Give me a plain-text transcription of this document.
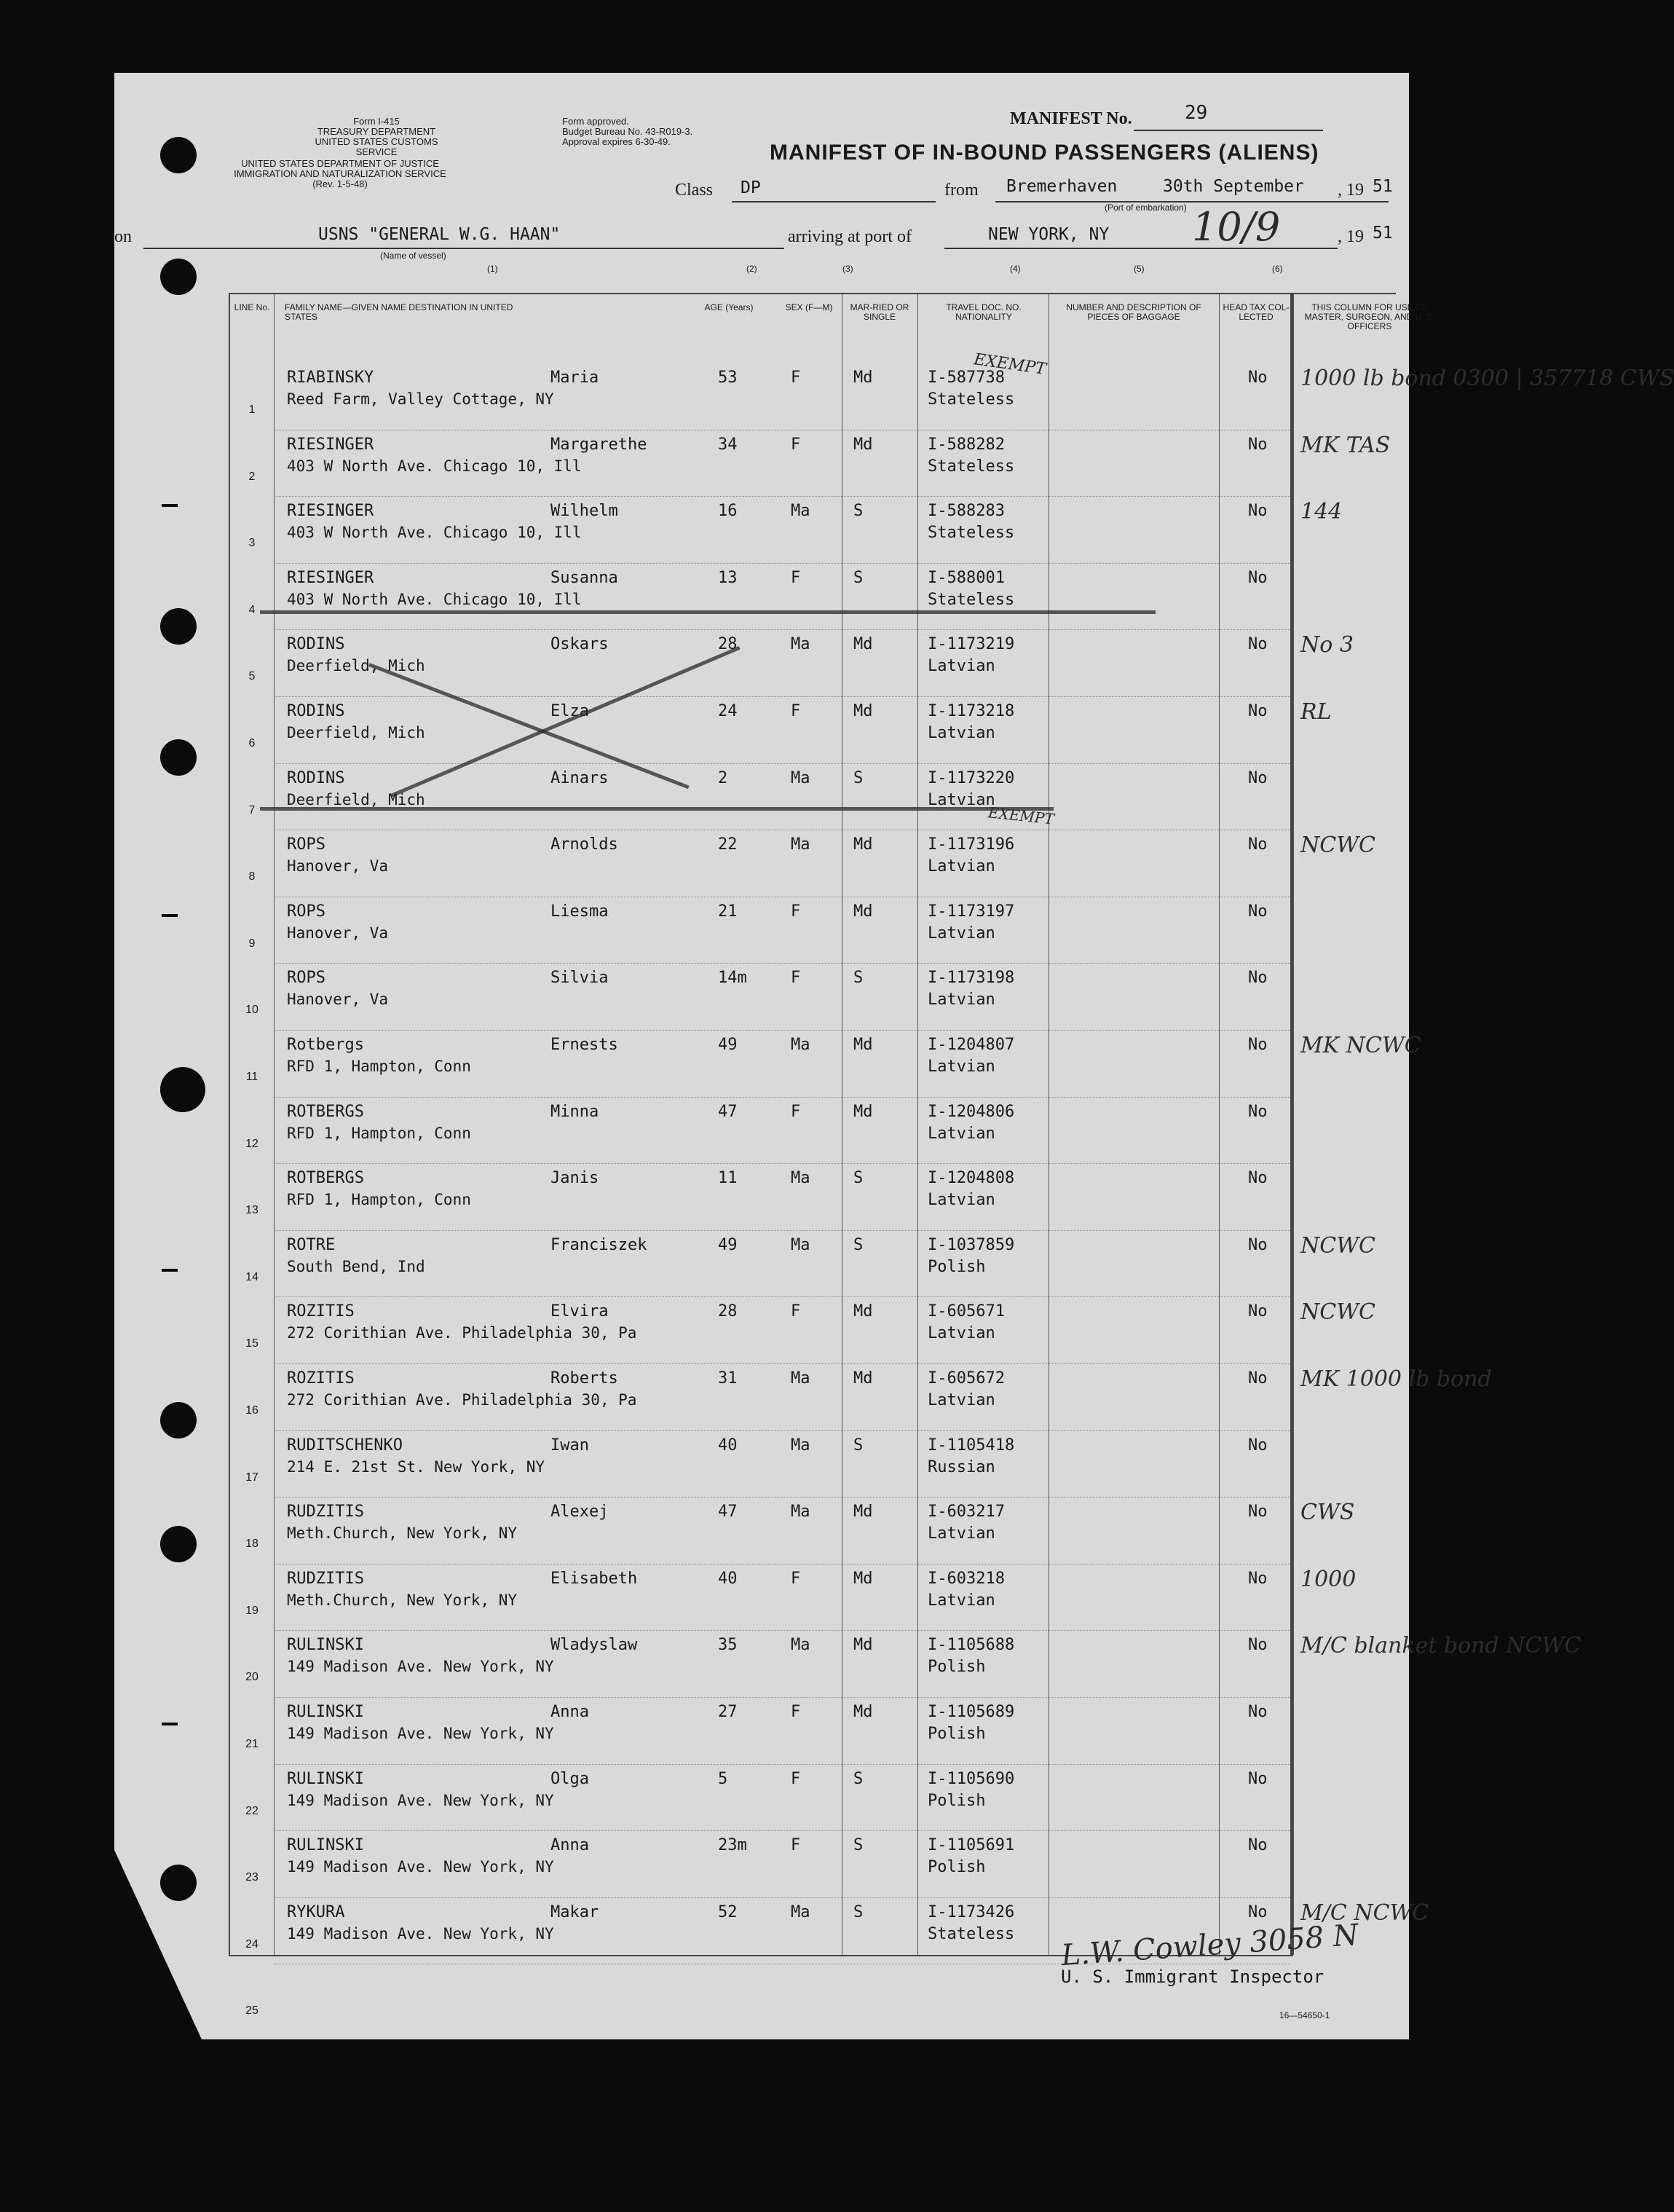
Form I-415
TREASURY DEPARTMENT
UNITED STATES CUSTOMS SERVICE
Form approved.
Budget Bureau No. 43-R019-3.
Approval expires 6-30-49.
UNITED STATES DEPARTMENT OF JUSTICE
IMMIGRATION AND NATURALIZATION SERVICE
(Rev. 1-5-48)
MANIFEST No.	29
MANIFEST OF IN-BOUND PASSENGERS (ALIENS)
Class DP	from Bremerhaven	30th September , 19 51
(Port of embarkation)
on	USNS "GENERAL W.G. HAAN"
(Name of vessel)
arriving at port of	NEW YORK, NY 10/9	, 19 51
(1)	(2)	(3)	(4)	(5)	(6)
LINE No.	FAMILY NAME—GIVEN NAME DESTINATION IN UNITED STATES
AGE (Years)	SEX (F—M)	MAR-RIED OR SINGLE
TRAVEL DOC. NO. NATIONALITY
NUMBER AND DESCRIPTION OF PIECES OF BAGGAGE
HEAD TAX COL-LECTED
THIS COLUMN FOR USE OF MASTER, SURGEON, AND U. S. OFFICERS
1
RIABINSKY	Maria
Reed Farm, Valley Cottage, NY
53	F	Md	I-587738
Stateless
No 1000 lb bond 0300 | 357718 CWS
2
RIESINGER	Margarethe
403 W North Ave. Chicago 10, Ill
34	F	Md	I-588282
Stateless
No MK TAS
3
RIESINGER	Wilhelm
403 W North Ave. Chicago 10, Ill
16	Ma	S	I-588283
Stateless
No 144
4
RIESINGER	Susanna
403 W North Ave. Chicago 10, Ill
13	F	S	I-588001
Stateless
No
5
RODINS	Oskars
Deerfield, Mich
28	Ma	Md	I-1173219
Latvian
No No 3
6
RODINS	Elza
Deerfield, Mich
24	F	Md	I-1173218
Latvian
No RL
7
RODINS	Ainars
Deerfield, Mich
2	Ma	S	I-1173220
Latvian
No
8
ROPS	Arnolds
Hanover, Va
22	Ma	Md	I-1173196
Latvian
No NCWC
9
ROPS	Liesma
Hanover, Va
21	F	Md	I-1173197
Latvian
No
10
ROPS	Silvia
Hanover, Va
14m	F	S	I-1173198
Latvian
No
11
Rotbergs	Ernests
RFD 1, Hampton, Conn
49	Ma	Md	I-1204807
Latvian
No MK NCWC
12
ROTBERGS	Minna
RFD 1, Hampton, Conn
47	F	Md	I-1204806
Latvian
No
13
ROTBERGS	Janis
RFD 1, Hampton, Conn
11	Ma	S	I-1204808
Latvian
No
14
ROTRE	Franciszek
South Bend, Ind
49	Ma	S	I-1037859
Polish
No NCWC
15
ROZITIS	Elvira
272 Corithian Ave. Philadelphia 30, Pa
28	F	Md	I-605671
Latvian
No NCWC
16
ROZITIS	Roberts
272 Corithian Ave. Philadelphia 30, Pa
31	Ma	Md	I-605672
Latvian
No MK 1000 lb bond
17
RUDITSCHENKO	Iwan
214 E. 21st St. New York, NY
40	Ma	S	I-1105418
Russian
No
18
RUDZITIS	Alexej
Meth.Church, New York, NY
47	Ma	Md	I-603217
Latvian
No CWS
19
RUDZITIS	Elisabeth
Meth.Church, New York, NY
40	F	Md	I-603218
Latvian
No 1000
20
RULINSKI	Wladyslaw
149 Madison Ave. New York, NY
35	Ma	Md	I-1105688
Polish
No M/C blanket bond NCWC
21
RULINSKI	Anna
149 Madison Ave. New York, NY
27	F	Md	I-1105689
Polish
No
22
RULINSKI	Olga
149 Madison Ave. New York, NY
5	F	S	I-1105690
Polish
No
23
RULINSKI	Anna
149 Madison Ave. New York, NY
23m	F	S	I-1105691
Polish
No
24
RYKURA	Makar
149 Madison Ave. New York, NY
52	Ma	S	I-1173426
Stateless
No M/C NCWC
25
EXEMPT
EXEMPT
L.W. Cowley 3058 N
U. S. Immigrant Inspector
16—54650-1
